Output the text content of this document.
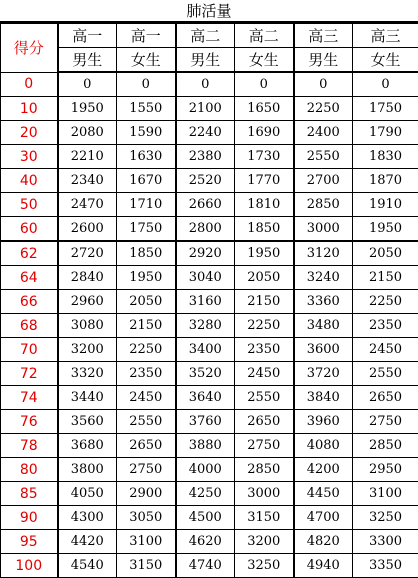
肺活量
得分	高一	高一	高二	高二	高三	高三
	男生	女生	男生	女生	男生	女生
0	0	0	0	0	0	0
10	1950	1550	2100	1650	2250	1750
20	2080	1590	2240	1690	2400	1790
30	2210	1630	2380	1730	2550	1830
40	2340	1670	2520	1770	2700	1870
50	2470	1710	2660	1810	2850	1910
60	2600	1750	2800	1850	3000	1950
62	2720	1850	2920	1950	3120	2050
64	2840	1950	3040	2050	3240	2150
66	2960	2050	3160	2150	3360	2250
68	3080	2150	3280	2250	3480	2350
70	3200	2250	3400	2350	3600	2450
72	3320	2350	3520	2450	3720	2550
74	3440	2450	3640	2550	3840	2650
76	3560	2550	3760	2650	3960	2750
78	3680	2650	3880	2750	4080	2850
80	3800	2750	4000	2850	4200	2950
85	4050	2900	4250	3000	4450	3100
90	4300	3050	4500	3150	4700	3250
95	4420	3100	4620	3200	4820	3300
100	4540	3150	4740	3250	4940	3350
